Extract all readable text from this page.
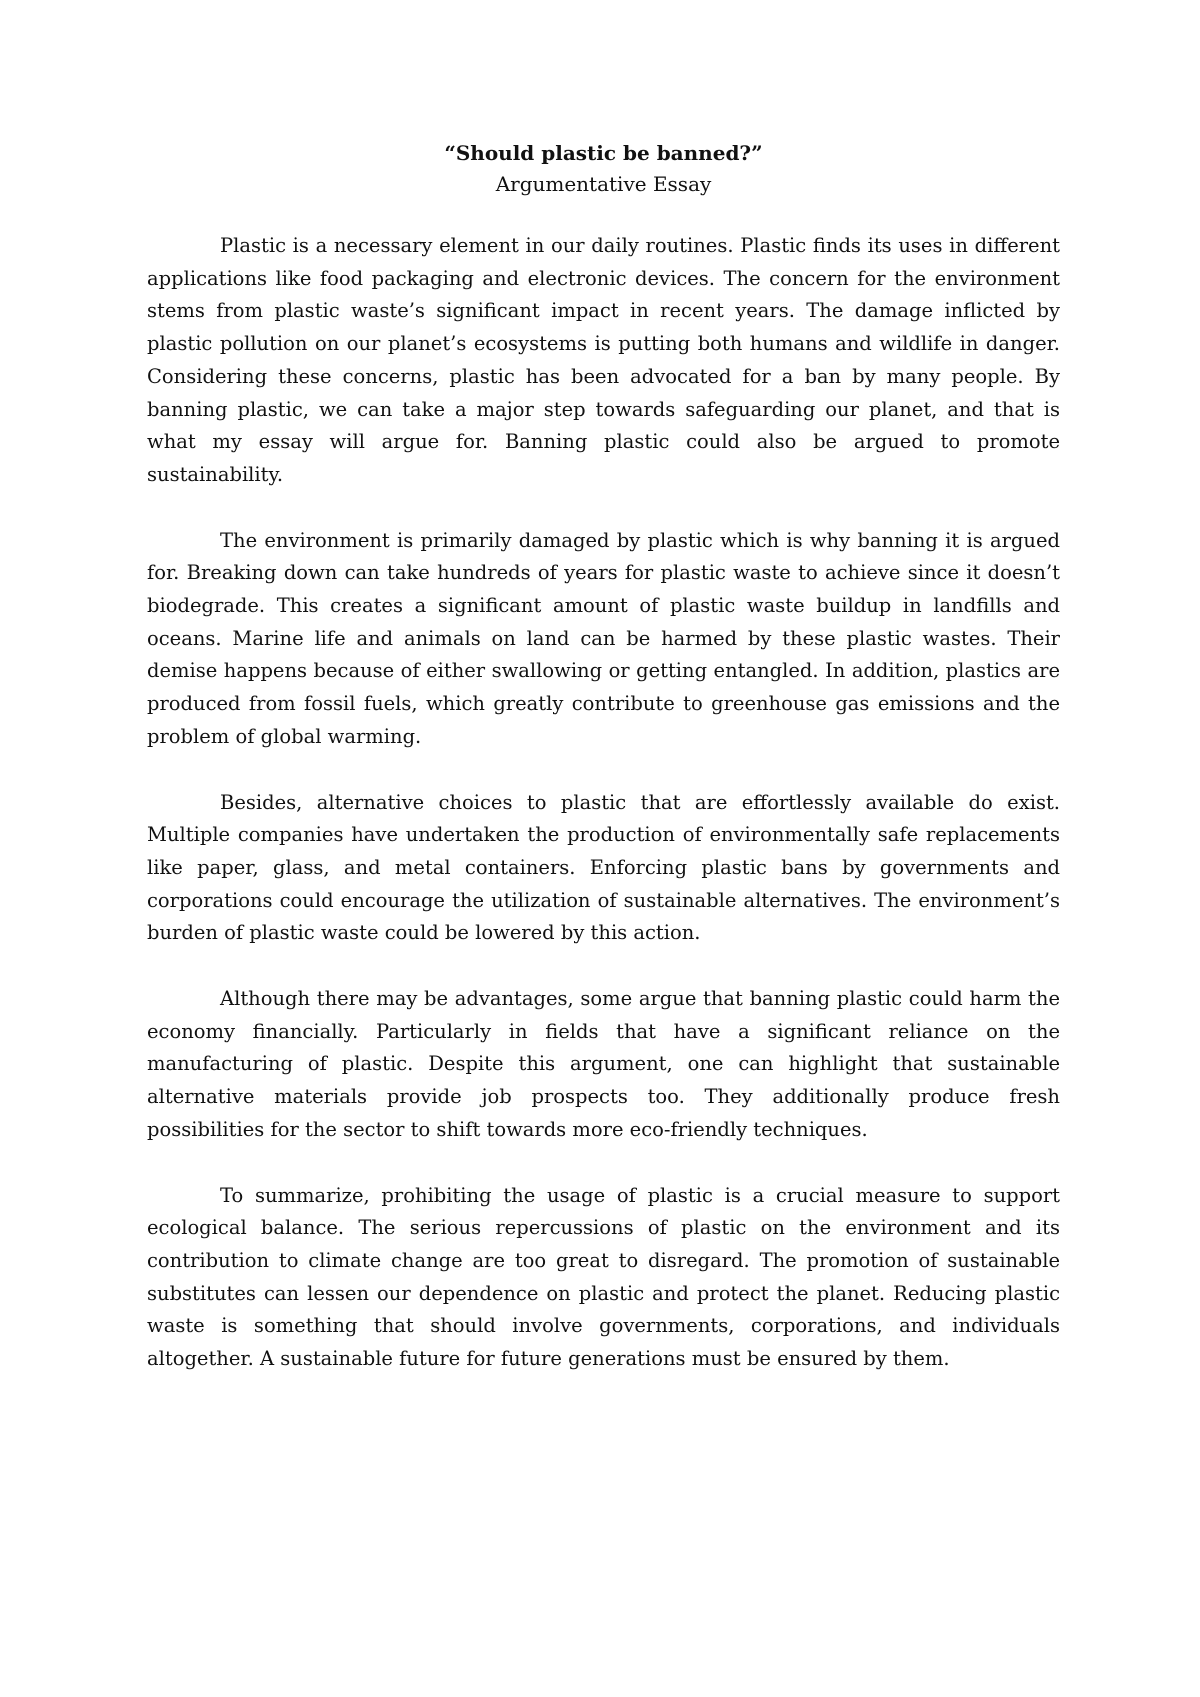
“Should plastic be banned?”
Argumentative Essay

Plastic is a necessary element in our daily routines. Plastic finds its uses in different applications like food packaging and electronic devices. The concern for the environment stems from plastic waste’s significant impact in recent years. The damage inflicted by plastic pollution on our planet’s ecosystems is putting both humans and wildlife in danger. Considering these concerns, plastic has been advocated for a ban by many people. By banning plastic, we can take a major step towards safeguarding our planet, and that is what my essay will argue for. Banning plastic could also be argued to promote sustainability.

The environment is primarily damaged by plastic which is why banning it is argued for. Breaking down can take hundreds of years for plastic waste to achieve since it doesn’t biodegrade. This creates a significant amount of plastic waste buildup in landfills and oceans. Marine life and animals on land can be harmed by these plastic wastes. Their demise happens because of either swallowing or getting entangled. In addition, plastics are produced from fossil fuels, which greatly contribute to greenhouse gas emissions and the problem of global warming.

Besides, alternative choices to plastic that are effortlessly available do exist. Multiple companies have undertaken the production of environmentally safe replacements like paper, glass, and metal containers. Enforcing plastic bans by governments and corporations could encourage the utilization of sustainable alternatives. The environment’s burden of plastic waste could be lowered by this action.

Although there may be advantages, some argue that banning plastic could harm the economy financially. Particularly in fields that have a significant reliance on the manufacturing of plastic. Despite this argument, one can highlight that sustainable alternative materials provide job prospects too. They additionally produce fresh possibilities for the sector to shift towards more eco-friendly techniques.

To summarize, prohibiting the usage of plastic is a crucial measure to support ecological balance. The serious repercussions of plastic on the environment and its contribution to climate change are too great to disregard. The promotion of sustainable substitutes can lessen our dependence on plastic and protect the planet. Reducing plastic waste is something that should involve governments, corporations, and individuals altogether. A sustainable future for future generations must be ensured by them.
